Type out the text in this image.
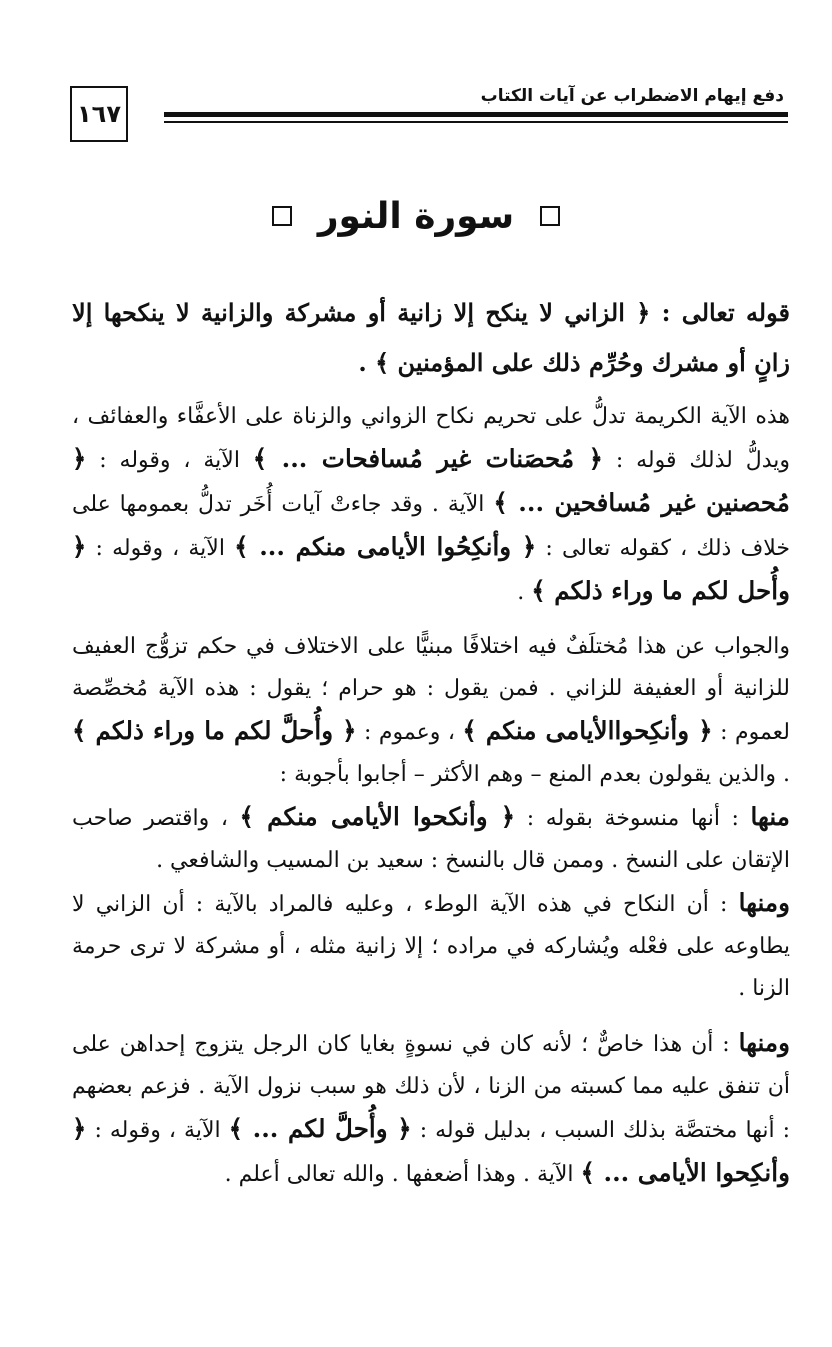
دفع إيهام الاضطراب عن آيات الكتاب
١٦٧
سورة النور

قوله تعالى : ﴿ الزاني لا ينكح إلا زانية أو مشركة والزانية لا ينكحها إلا زانٍ أو مشرك وحُرِّم ذلك على المؤمنين ﴾ .

هذه الآية الكريمة تدلُّ على تحريم نكاح الزواني والزناة على الأعفَّاء والعفائف ، ويدلُّ لذلك قوله : ﴿ مُحصَنات غير مُسافحات ... ﴾ الآية ، وقوله : ﴿ مُحصنين غير مُسافحين ... ﴾ الآية . وقد جاءتْ آيات أُخَر تدلُّ بعمومها على خلاف ذلك ، كقوله تعالى : ﴿ وأنكِحُوا الأيامى منكم ... ﴾ الآية ، وقوله : ﴿ وأُحل لكم ما وراء ذلكم ﴾ .

والجواب عن هذا مُختلَفٌ فيه اختلافًا مبنيًّا على الاختلاف في حكم تزوُّج العفيف للزانية أو العفيفة للزاني . فمن يقول : هو حرام ؛ يقول : هذه الآية مُخصِّصة لعموم : ﴿ وأنكِحواالأيامى منكم ﴾ ، وعموم : ﴿ وأُحلَّ لكم ما وراء ذلكم ﴾ . والذين يقولون بعدم المنع – وهم الأكثر – أجابوا بأجوبة :

منها : أنها منسوخة بقوله : ﴿ وأنكحوا الأيامى منكم ﴾ ، واقتصر صاحب الإتقان على النسخ . وممن قال بالنسخ : سعيد بن المسيب والشافعي .

ومنها : أن النكاح في هذه الآية الوطء ، وعليه فالمراد بالآية : أن الزاني لا يطاوعه على فعْله ويُشاركه في مراده ؛ إلا زانية مثله ، أو مشركة لا ترى حرمة الزنا .

ومنها : أن هذا خاصٌّ ؛ لأنه كان في نسوةٍ بغايا كان الرجل يتزوج إحداهن على أن تنفق عليه مما كسبته من الزنا ، لأن ذلك هو سبب نزول الآية . فزعم بعضهم : أنها مختصَّة بذلك السبب ، بدليل قوله : ﴿ وأُحلَّ لكم ... ﴾ الآية ، وقوله : ﴿ وأنكِحوا الأيامى ... ﴾ الآية . وهذا أضعفها . والله تعالى أعلم .
